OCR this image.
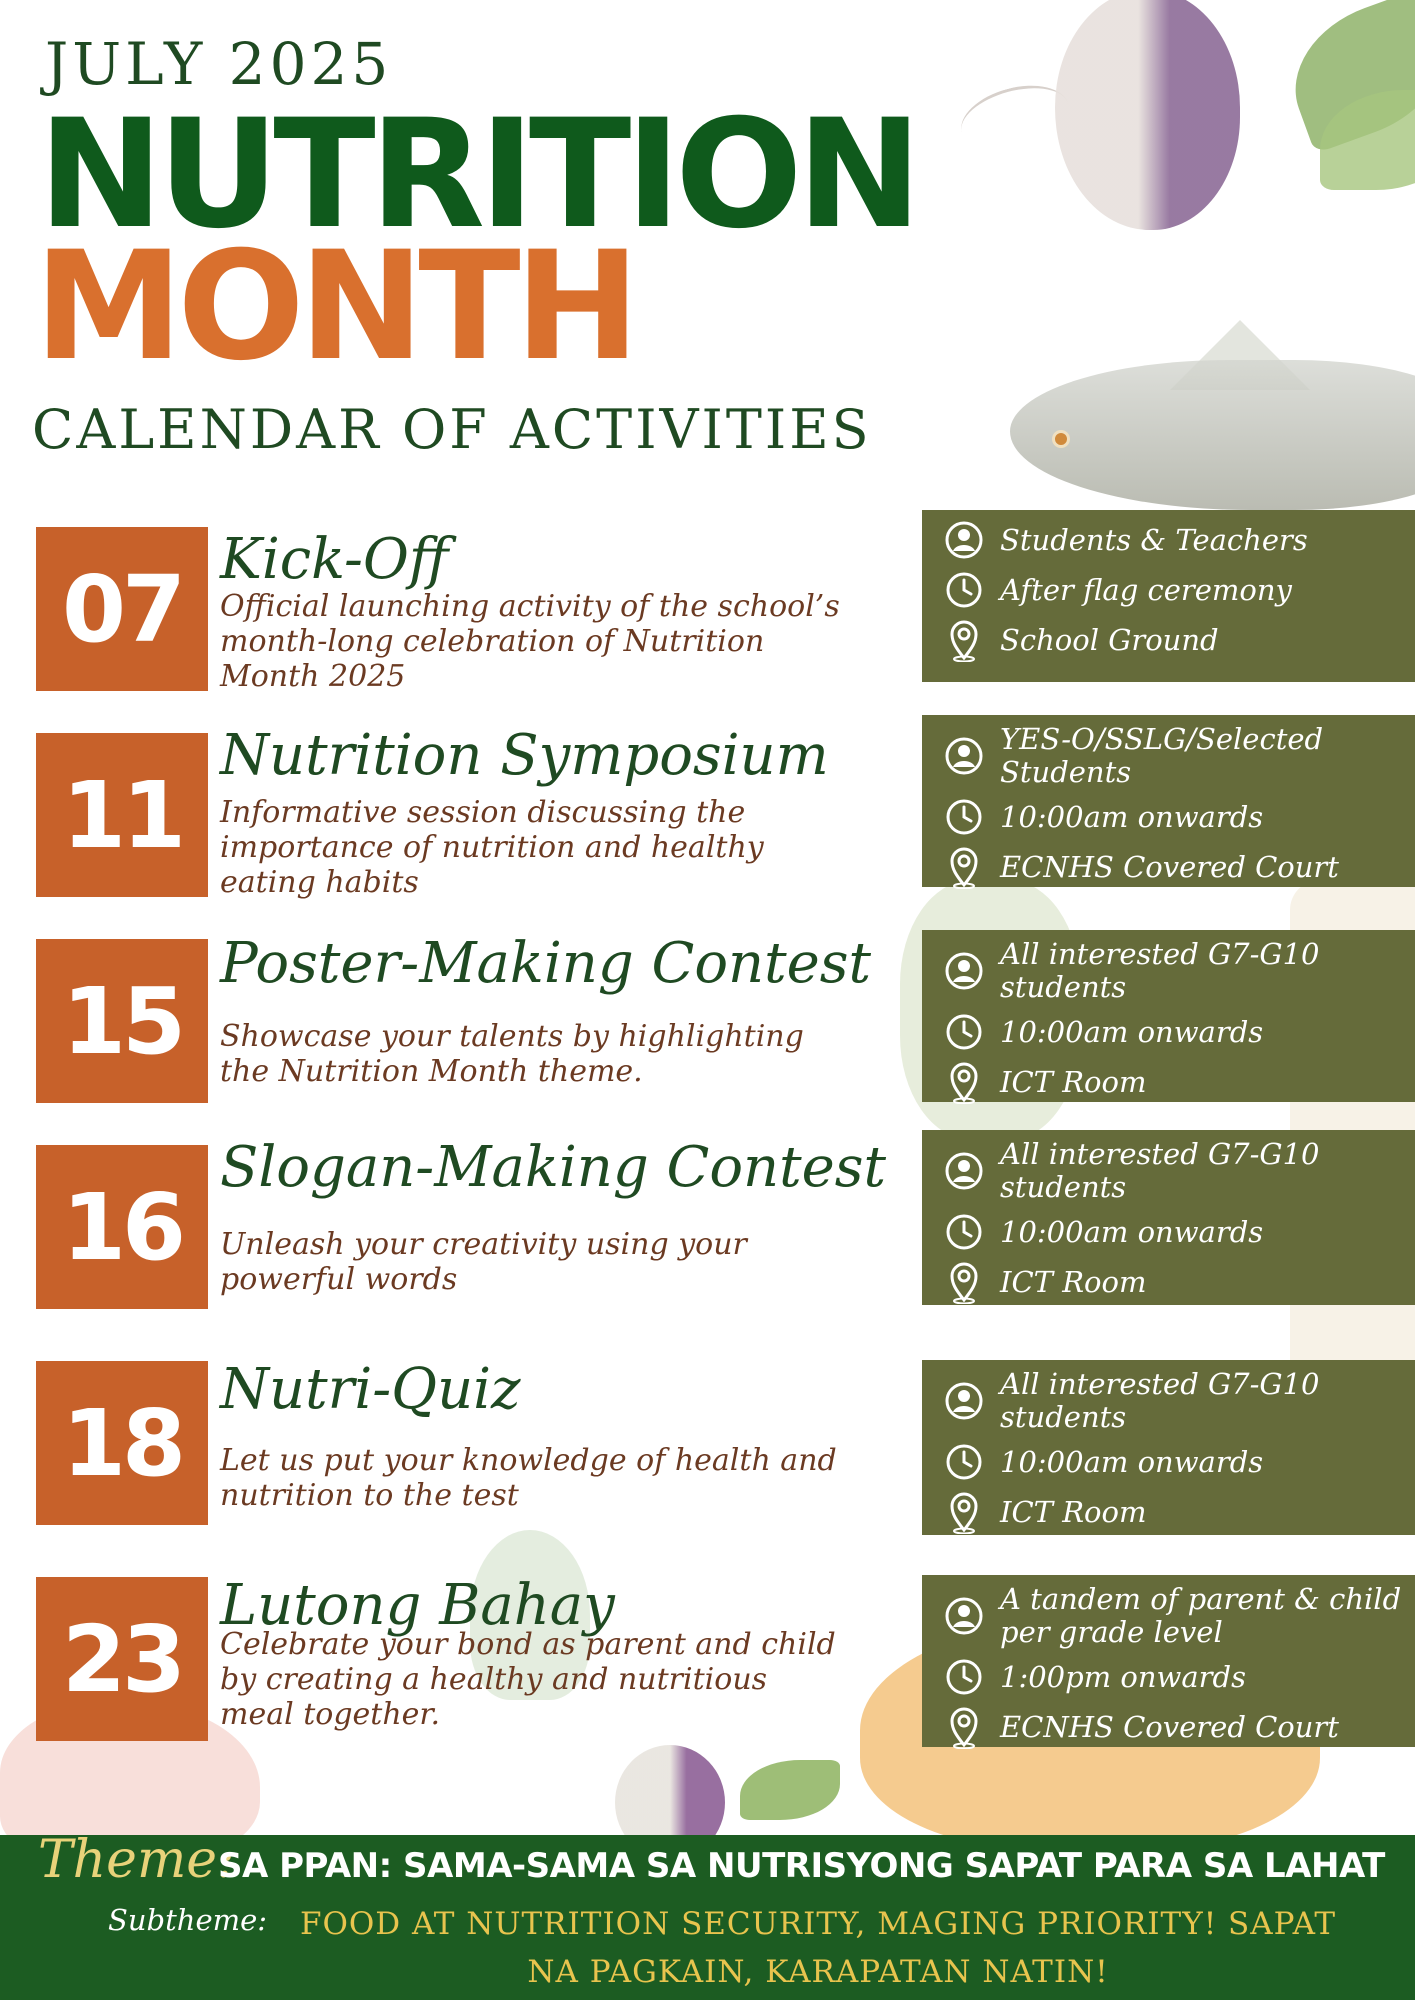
JULY 2025
NUTRITION
MONTH
CALENDAR OF ACTIVITIES
07 Kick-Off
Official launching activity of the school’s month-long celebration of Nutrition Month 2025
11
Nutrition Symposium
Informative session discussing the importance of nutrition and healthy eating habits
15
Poster-Making Contest
Showcase your talents by highlighting the Nutrition Month theme.
16
Slogan-Making Contest
Unleash your creativity using your powerful words
18 Nutri-Quiz
Let us put your knowledge of health and nutrition to the test
23 Lutong Bahay
Celebrate your bond as parent and child by creating a healthy and nutritious meal together.
Theme:
SA PPAN: SAMA-SAMA SA NUTRISYONG SAPAT PARA SA LAHAT
Subtheme:	FOOD AT NUTRITION SECURITY, MAGING PRIORITY! SAPAT NA PAGKAIN, KARAPATAN NATIN!
Students & Teachers
After flag ceremony
School Ground
YES-O/SSLG/Selected Students
10:00am onwards
ECNHS Covered Court
All interested G7-G10 students
10:00am onwards
ICT Room
All interested G7-G10 students
10:00am onwards
ICT Room
All interested G7-G10 students
10:00am onwards
ICT Room
A tandem of parent & child per grade level
1:00pm onwards
ECNHS Covered Court
